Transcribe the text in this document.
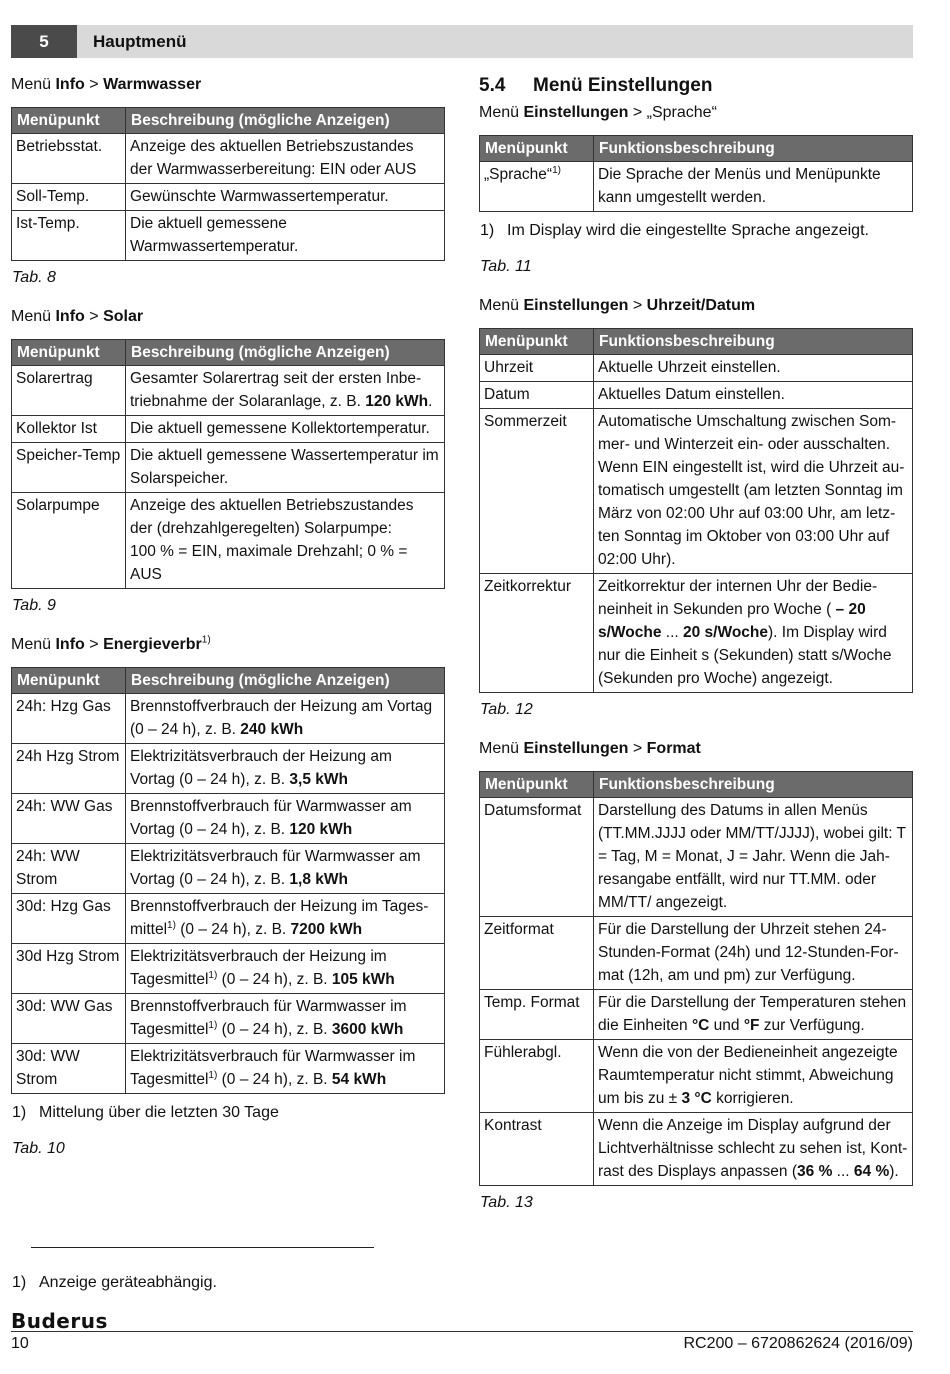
5	Hauptmenü
Menü Info > Warmwasser
Menüpunkt	Beschreibung (mögliche Anzeigen)
Betriebsstat.	Anzeige des aktuellen Betriebszustandes der Warmwasserbereitung: EIN oder AUS
Soll-Temp.	Gewünschte Warmwassertemperatur.
Ist-Temp.	Die aktuell gemessene Warmwassertemperatur.
Tab. 8
Menü Info > Solar
Menüpunkt	Beschreibung (mögliche Anzeigen)
Solarertrag	Gesamter Solarertrag seit der ersten Inbetriebnahme der Solaranlage, z. B. 120 kWh.
Kollektor Ist	Die aktuell gemessene Kollektortemperatur.
Speicher-Temp	Die aktuell gemessene Wassertemperatur im Solarspeicher.
Solarpumpe	Anzeige des aktuellen Betriebszustandes der (drehzahlgeregelten) Solarpumpe:
100 % = EIN, maximale Drehzahl; 0 % = AUS
Tab. 9
Menü Info > Energieverbr$^{1)}$
Menüpunkt	Beschreibung (mögliche Anzeigen)
24h: Hzg Gas	Brennstoffverbrauch der Heizung am Vortag (0 – 24 h), z. B. 240 kWh
24h Hzg Strom	Elektrizitätsverbrauch der Heizung am Vortag (0 – 24 h), z. B. 3,5 kWh
24h: WW Gas	Brennstoffverbrauch für Warmwasser am Vortag (0 – 24 h), z. B. 120 kWh
24h: WW Strom	Elektrizitätsverbrauch für Warmwasser am Vortag (0 – 24 h), z. B. 1,8 kWh
30d: Hzg Gas	Brennstoffverbrauch der Heizung im Tagesmittel$^{1)}$ (0 – 24 h), z. B. 7200 kWh
30d Hzg Strom	Elektrizitätsverbrauch der Heizung im Tagesmittel$^{1)}$ (0 – 24 h), z. B. 105 kWh
30d: WW Gas	Brennstoffverbrauch für Warmwasser im Tagesmittel$^{1)}$ (0 – 24 h), z. B. 3600 kWh
30d: WW Strom	Elektrizitätsverbrauch für Warmwasser im Tagesmittel$^{1)}$ (0 – 24 h), z. B. 54 kWh
1) Mittelung über die letzten 30 Tage
Tab. 10
5.4 Menü Einstellungen
Menü Einstellungen > „Sprache“
Menüpunkt	Funktionsbeschreibung
„Sprache“$^{1)}$	Die Sprache der Menüs und Menüpunkte kann umgestellt werden.
1) Im Display wird die eingestellte Sprache angezeigt.
Tab. 11
Menü Einstellungen > Uhrzeit/Datum
Menüpunkt	Funktionsbeschreibung
Uhrzeit	Aktuelle Uhrzeit einstellen.
Datum	Aktuelles Datum einstellen.
Sommerzeit	Automatische Umschaltung zwischen Sommer- und Winterzeit ein- oder ausschalten. Wenn EIN eingestellt ist, wird die Uhrzeit automatisch umgestellt (am letzten Sonntag im März von 02:00 Uhr auf 03:00 Uhr, am letzten Sonntag im Oktober von 03:00 Uhr auf 02:00 Uhr).
Zeitkorrektur	Zeitkorrektur der internen Uhr der Bedieneinheit in Sekunden pro Woche ( – 20 s/Woche ... 20 s/Woche). Im Display wird nur die Einheit s (Sekunden) statt s/Woche (Sekunden pro Woche) angezeigt.
Tab. 12
Menü Einstellungen > Format
Menüpunkt	Funktionsbeschreibung
Datumsformat	Darstellung des Datums in allen Menüs (TT.MM.JJJJ oder MM/TT/JJJJ), wobei gilt: T = Tag, M = Monat, J = Jahr. Wenn die Jahresangabe entfällt, wird nur TT.MM. oder MM/TT/ angezeigt.
Zeitformat	Für die Darstellung der Uhrzeit stehen 24-Stunden-Format (24h) und 12-Stunden-Format (12h, am und pm) zur Verfügung.
Temp. Format	Für die Darstellung der Temperaturen stehen die Einheiten °C und °F zur Verfügung.
Fühlerabgl.	Wenn die von der Bedieneinheit angezeigte Raumtemperatur nicht stimmt, Abweichung um bis zu ± 3 °C korrigieren.
Kontrast	Wenn die Anzeige im Display aufgrund der Lichtverhältnisse schlecht zu sehen ist, Kontrast des Displays anpassen (36 % ... 64 %).
Tab. 13
1) Anzeige geräteabhängig.
Buderus
10	RC200 – 6720862624 (2016/09)
